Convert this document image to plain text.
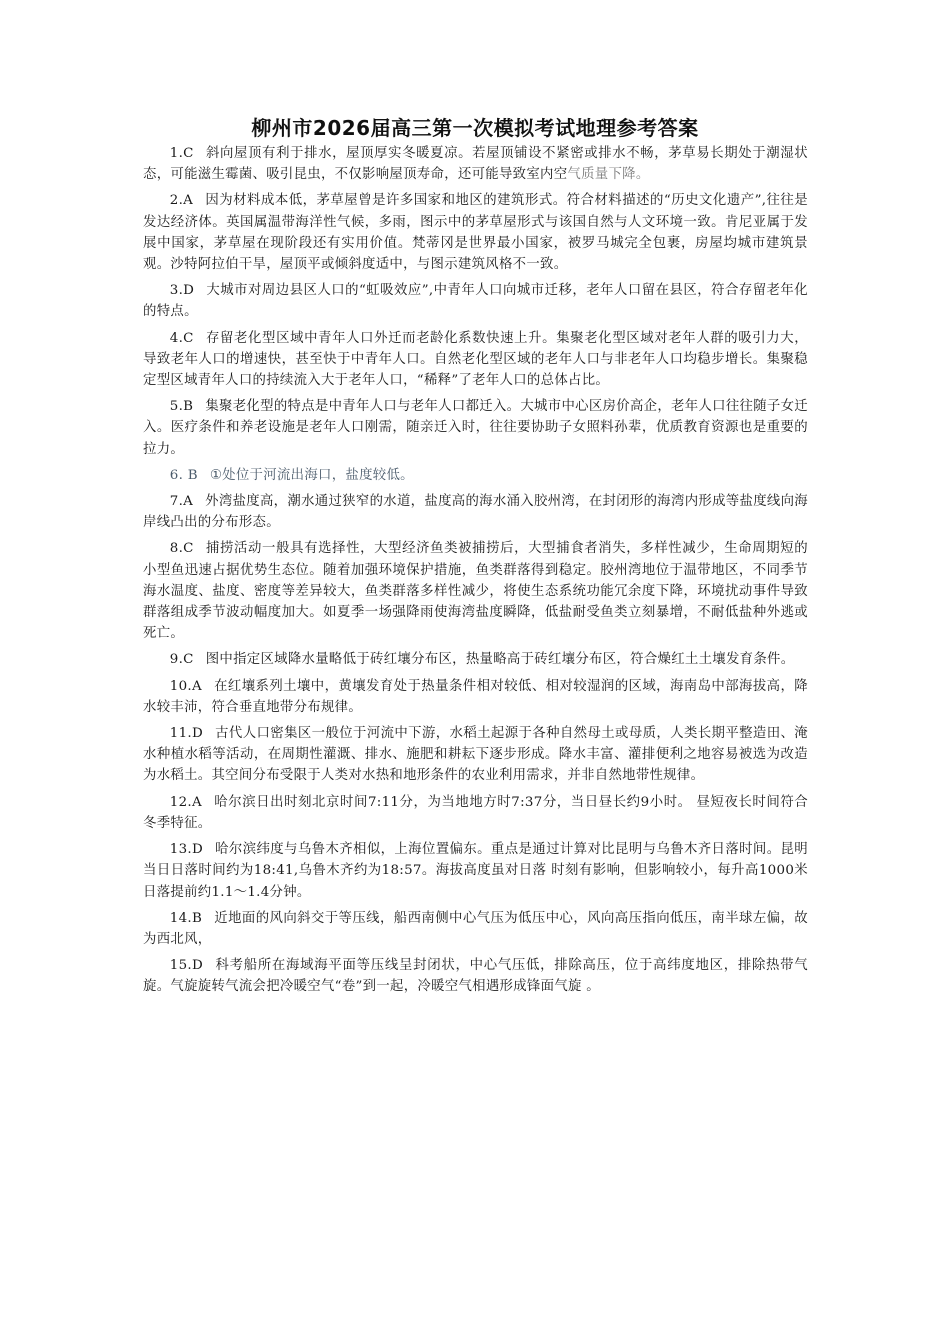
柳州市2026届高三第一次模拟考试地理参考答案

1.C 斜向屋顶有利于排水，屋顶厚实冬暖夏凉。若屋顶铺设不紧密或排水不畅，茅草易长期处于潮湿状态，可能滋生霉菌、吸引昆虫，不仅影响屋顶寿命，还可能导致室内空气质量下降。

2.A 因为材料成本低，茅草屋曾是许多国家和地区的建筑形式。符合材料描述的“历史文化遗产”,往往是发达经济体。英国属温带海洋性气候，多雨，图示中的茅草屋形式与该国自然与人文环境一致。肯尼亚属于发展中国家，茅草屋在现阶段还有实用价值。梵蒂冈是世界最小国家，被罗马城完全包裹，房屋均城市建筑景观。沙特阿拉伯干旱，屋顶平或倾斜度适中，与图示建筑风格不一致。

3.D 大城市对周边县区人口的“虹吸效应”,中青年人口向城市迁移，老年人口留在县区，符合存留老年化的特点。

4.C 存留老化型区域中青年人口外迁而老龄化系数快速上升。集聚老化型区域对老年人群的吸引力大，导致老年人口的增速快，甚至快于中青年人口。自然老化型区域的老年人口与非老年人口均稳步增长。集聚稳定型区域青年人口的持续流入大于老年人口，“稀释”了老年人口的总体占比。

5.B 集聚老化型的特点是中青年人口与老年人口都迁入。大城市中心区房价高企，老年人口往往随子女迁入。医疗条件和养老设施是老年人口刚需，随亲迁入时，往往要协助子女照料孙辈，优质教育资源也是重要的拉力。

6. B ①处位于河流出海口，盐度较低。

7.A 外湾盐度高，潮水通过狭窄的水道，盐度高的海水涌入胶州湾，在封闭形的海湾内形成等盐度线向海岸线凸出的分布形态。

8.C 捕捞活动一般具有选择性，大型经济鱼类被捕捞后，大型捕食者消失，多样性减少，生命周期短的小型鱼迅速占据优势生态位。随着加强环境保护措施，鱼类群落得到稳定。胶州湾地位于温带地区，不同季节海水温度、盐度、密度等差异较大，鱼类群落多样性减少，将使生态系统功能冗余度下降，环境扰动事件导致群落组成季节波动幅度加大。如夏季一场强降雨使海湾盐度瞬降，低盐耐受鱼类立刻暴增，不耐低盐种外逃或死亡。

9.C 图中指定区域降水量略低于砖红壤分布区，热量略高于砖红壤分布区，符合燥红土土壤发育条件。

10.A 在红壤系列土壤中，黄壤发育处于热量条件相对较低、相对较湿润的区域，海南岛中部海拔高，降水较丰沛，符合垂直地带分布规律。

11.D 古代人口密集区一般位于河流中下游，水稻土起源于各种自然母土或母质，人类长期平整造田、淹水种植水稻等活动，在周期性灌溉、排水、施肥和耕耘下逐步形成。降水丰富、灌排便利之地容易被选为改造为水稻土。其空间分布受限于人类对水热和地形条件的农业利用需求，并非自然地带性规律。

12.A 哈尔滨日出时刻北京时间7:11分，为当地地方时7:37分，当日昼长约9小时。 昼短夜长时间符合冬季特征。

13.D 哈尔滨纬度与乌鲁木齐相似，上海位置偏东。重点是通过计算对比昆明与乌鲁木齐日落时间。昆明当日日落时间约为18:41,乌鲁木齐约为18:57。海拔高度虽对日落 时刻有影响，但影响较小，每升高1000米日落提前约1.1～1.4分钟。

14.B 近地面的风向斜交于等压线，船西南侧中心气压为低压中心，风向高压指向低压，南半球左偏，故为西北风，

15.D 科考船所在海域海平面等压线呈封闭状，中心气压低，排除高压，位于高纬度地区，排除热带气旋。气旋旋转气流会把冷暖空气“卷”到一起，冷暖空气相遇形成锋面气旋 。
